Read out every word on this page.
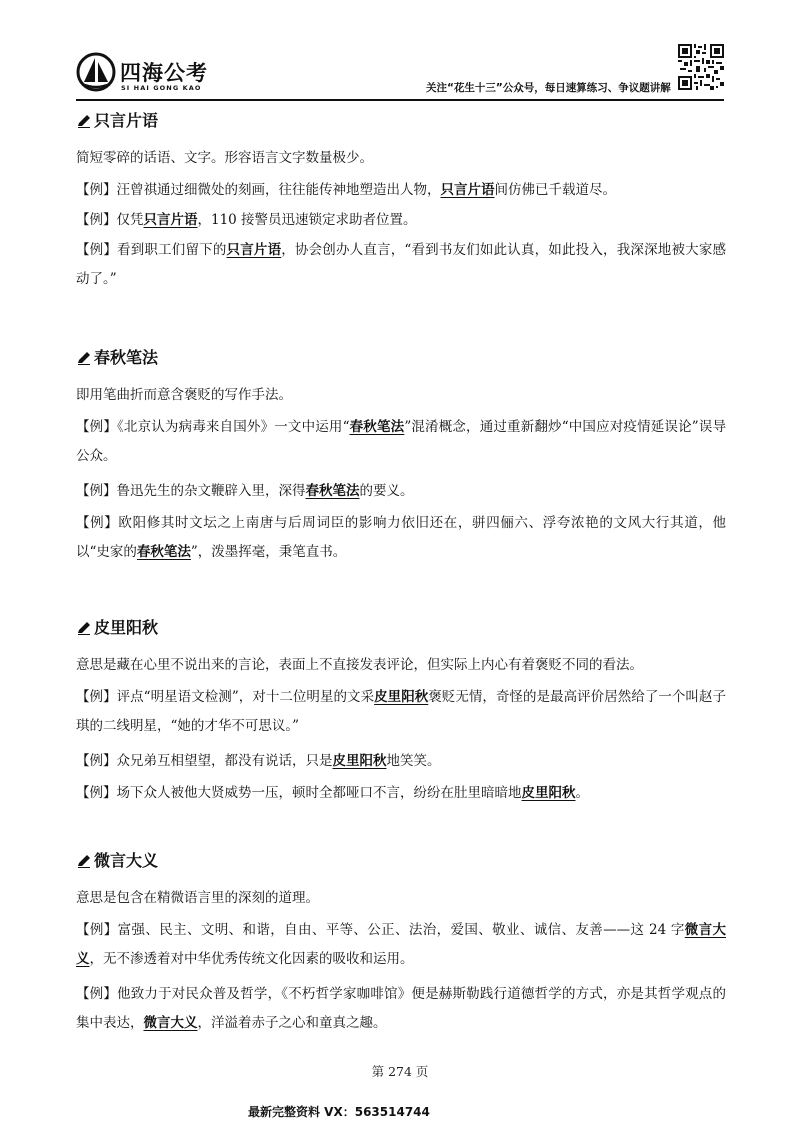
四海公考
SI HAI GONG KAO	关注“花生十三”公众号，每日速算练习、争议题讲解
只言片语
简短零碎的话语、文字。形容语言文字数量极少。
【例】汪曾祺通过细微处的刻画，往往能传神地塑造出人物，只言片语间仿佛已千载道尽。
【例】仅凭只言片语，110 接警员迅速锁定求助者位置。
【例】看到职工们留下的只言片语，协会创办人直言，“看到书友们如此认真，如此投入，我深深地被大家感动了。”
春秋笔法
即用笔曲折而意含褒贬的写作手法。
【例】《北京认为病毒来自国外》一文中运用“春秋笔法”混淆概念，通过重新翻炒“中国应对疫情延误论”误导公众。
【例】鲁迅先生的杂文鞭辟入里，深得春秋笔法的要义。
【例】欧阳修其时文坛之上南唐与后周词臣的影响力依旧还在，骈四俪六、浮夸浓艳的文风大行其道，他以“史家的春秋笔法”，泼墨挥毫，秉笔直书。
皮里阳秋
意思是藏在心里不说出来的言论，表面上不直接发表评论，但实际上内心有着褒贬不同的看法。
【例】评点“明星语文检测”，对十二位明星的文采皮里阳秋褒贬无情，奇怪的是最高评价居然给了一个叫赵子琪的二线明星，“她的才华不可思议。”
【例】众兄弟互相望望，都没有说话，只是皮里阳秋地笑笑。
【例】场下众人被他大贤威势一压，顿时全都哑口不言，纷纷在肚里暗暗地皮里阳秋。
微言大义
意思是包含在精微语言里的深刻的道理。
【例】富强、民主、文明、和谐，自由、平等、公正、法治，爱国、敬业、诚信、友善——这 24 字微言大义，无不渗透着对中华优秀传统文化因素的吸收和运用。
【例】他致力于对民众普及哲学，《不朽哲学家咖啡馆》便是赫斯勒践行道德哲学的方式，亦是其哲学观点的集中表达，微言大义，洋溢着赤子之心和童真之趣。
第 274 页
最新完整资料 VX：563514744
